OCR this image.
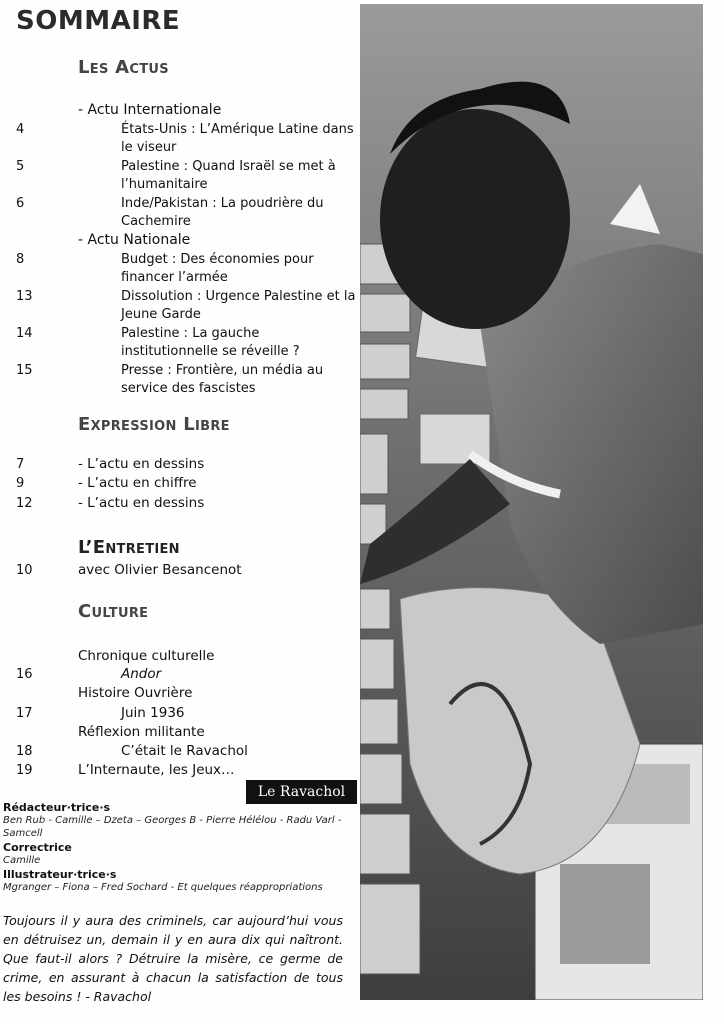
SOMMAIRE
Les Actus
- Actu Internationale
4	États-Unis : L’Amérique Latine dans le viseur
5	Palestine : Quand Israël se met à l’humanitaire
6	Inde/Pakistan : La poudrière du Cachemire
- Actu Nationale
8	Budget : Des économies pour financer l’armée
13	Dissolution : Urgence Palestine et la Jeune Garde
14	Palestine : La gauche institutionnelle se réveille ?
15	Presse : Frontière, un média au service des fascistes
Expression Libre
7	- L’actu en dessins
9	- L’actu en chiffre
12	- L’actu en dessins
L’Entretien
10	avec Olivier Besancenot
Culture
Chronique culturelle
16	Andor
Histoire Ouvrière
17	Juin 1936
Réflexion militante
18	C’était le Ravachol
19	L’Internaute, les Jeux…
Le Ravachol
Rédacteur·trice·s
Ben Rub - Camille – Dzeta – Georges B - Pierre Hélélou - Radu Varl - Samcell
Correctrice
Camille
Illustrateur·trice·s
Mgranger – Fiona – Fred Sochard - Et quelques réappropriations
Toujours il y aura des criminels, car aujourd’hui vous en détruisez un, demain il y en aura dix qui naîtront. Que faut-il alors ? Détruire la misère, ce germe de crime, en assurant à chacun la satisfaction de tous les besoins ! - Ravachol
